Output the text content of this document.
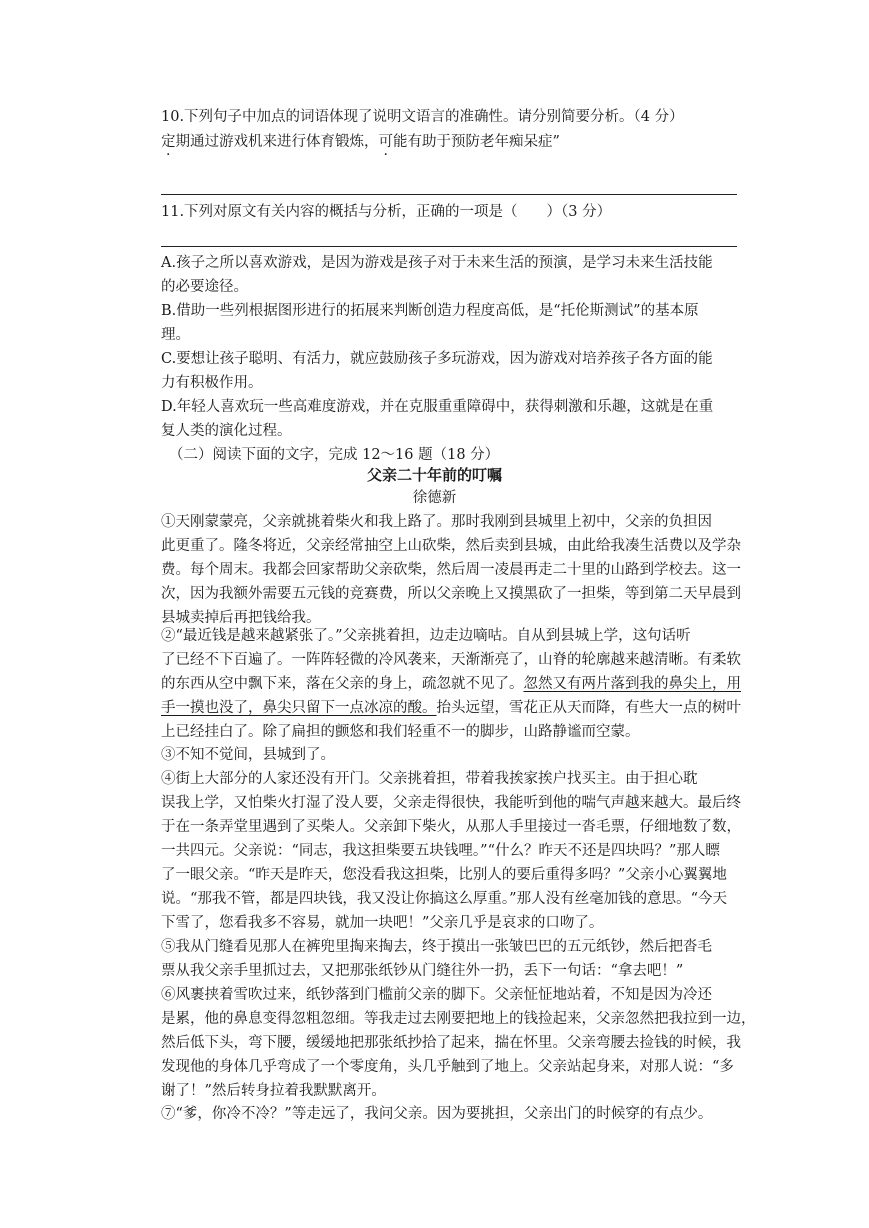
10.下列句子中加点的词语体现了说明文语言的准确性。请分别简要分析。（4 分）
定期通过游戏机来进行体育锻炼，可能有助于预防老年痴呆症”
11.下列对原文有关内容的概括与分析，正确的一项是（　　）（3 分）
A.孩子之所以喜欢游戏，是因为游戏是孩子对于未来生活的预演，是学习未来生活技能
的必要途径。
B.借助一些列根据图形进行的拓展来判断创造力程度高低，是“托伦斯测试”的基本原
理。
C.要想让孩子聪明、有活力，就应鼓励孩子多玩游戏，因为游戏对培养孩子各方面的能
力有积极作用。
D.年轻人喜欢玩一些高难度游戏，并在克服重重障碍中，获得刺激和乐趣，这就是在重
复人类的演化过程。
（二）阅读下面的文字，完成 12～16 题（18 分）
父亲二十年前的叮嘱
徐德新
①天刚蒙蒙亮，父亲就挑着柴火和我上路了。那时我刚到县城里上初中，父亲的负担因
此更重了。隆冬将近，父亲经常抽空上山砍柴，然后卖到县城，由此给我凑生活费以及学杂
费。每个周末。我都会回家帮助父亲砍柴，然后周一凌晨再走二十里的山路到学校去。这一
次，因为我额外需要五元钱的竞赛费，所以父亲晚上又摸黑砍了一担柴，等到第二天早晨到
县城卖掉后再把钱给我。
②“最近钱是越来越紧张了。”父亲挑着担，边走边嘀咕。自从到县城上学，这句话听
了已经不下百遍了。一阵阵轻微的冷风袭来，天渐渐亮了，山脊的轮廓越来越清晰。有柔软
的东西从空中飘下来，落在父亲的身上，疏忽就不见了。忽然又有两片落到我的鼻尖上，用
手一摸也没了，鼻尖只留下一点冰凉的酸。抬头远望，雪花正从天而降，有些大一点的树叶
上已经挂白了。除了扁担的颤悠和我们轻重不一的脚步，山路静谧而空蒙。
③不知不觉间，县城到了。
④街上大部分的人家还没有开门。父亲挑着担，带着我挨家挨户找买主。由于担心耽
误我上学，又怕柴火打湿了没人要，父亲走得很快，我能听到他的喘气声越来越大。最后终
于在一条弄堂里遇到了买柴人。父亲卸下柴火，从那人手里接过一沓毛票，仔细地数了数，
一共四元。父亲说：“同志，我这担柴要五块钱哩。”“什么？昨天不还是四块吗？”那人瞟
了一眼父亲。“昨天是昨天，您没看我这担柴，比别人的要后重得多吗？”父亲小心翼翼地
说。“那我不管，都是四块钱，我又没让你搞这么厚重。”那人没有丝毫加钱的意思。“今天
下雪了，您看我多不容易，就加一块吧！”父亲几乎是哀求的口吻了。
⑤我从门缝看见那人在裤兜里掏来掏去，终于摸出一张皱巴巴的五元纸钞，然后把沓毛
票从我父亲手里抓过去，又把那张纸钞从门缝往外一扔，丢下一句话：“拿去吧！”
⑥风裹挟着雪吹过来，纸钞落到门槛前父亲的脚下。父亲怔怔地站着，不知是因为冷还
是累，他的鼻息变得忽粗忽细。等我走过去刚要把地上的钱捡起来，父亲忽然把我拉到一边，
然后低下头，弯下腰，缓缓地把那张纸抄拾了起来，揣在怀里。父亲弯腰去捡钱的时候，我
发现他的身体几乎弯成了一个零度角，头几乎触到了地上。父亲站起身来，对那人说：“多
谢了！”然后转身拉着我默默离开。
⑦“爹，你冷不冷？”等走远了，我问父亲。因为要挑担，父亲出门的时候穿的有点少。
